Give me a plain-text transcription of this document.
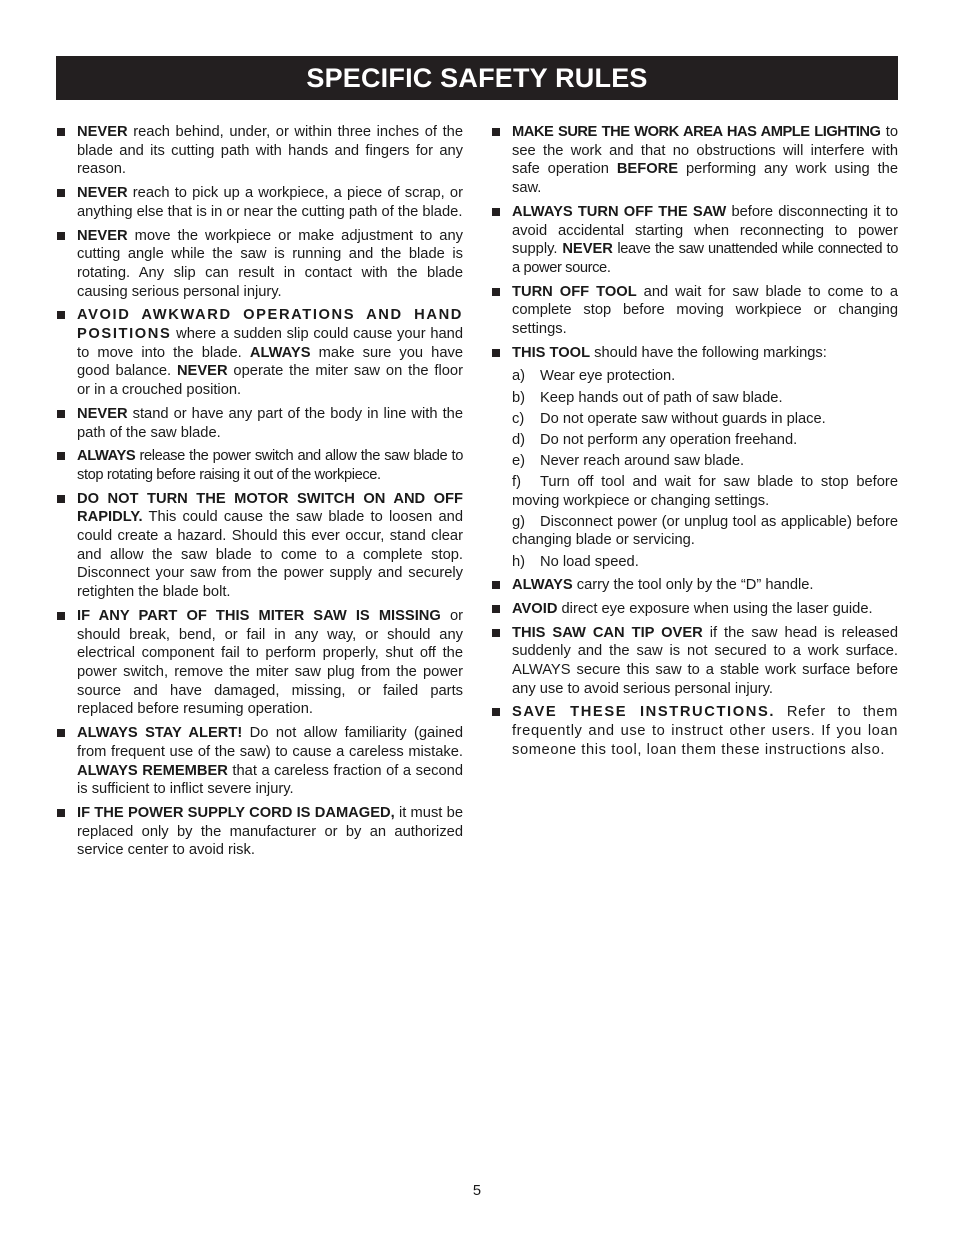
SPECIFIC SAFETY RULES
NEVER reach behind, under, or within three inches of the blade and its cutting path with hands and fingers for any reason.
NEVER reach to pick up a workpiece, a piece of scrap, or anything else that is in or near the cutting path of the blade.
NEVER move the workpiece or make adjustment to any cutting angle while the saw is running and the blade is rotating. Any slip can result in contact with the blade causing serious personal injury.
AVOID AWKWARD OPERATIONS AND HAND POSITIONS where a sudden slip could cause your hand to move into the blade. ALWAYS make sure you have good balance. NEVER operate the miter saw on the floor or in a crouched position.
NEVER stand or have any part of the body in line with the path of the saw blade.
ALWAYS release the power switch and allow the saw blade to stop rotating before raising it out of the workpiece.
DO NOT TURN THE MOTOR SWITCH ON AND OFF RAPIDLY. This could cause the saw blade to loosen and could create a hazard. Should this ever occur, stand clear and allow the saw blade to come to a complete stop. Disconnect your saw from the power supply and securely retighten the blade bolt.
IF ANY PART OF THIS MITER SAW IS MISSING or should break, bend, or fail in any way, or should any electrical component fail to perform properly, shut off the power switch, remove the miter saw plug from the power source and have damaged, missing, or failed parts replaced before resuming operation.
ALWAYS STAY ALERT! Do not allow familiarity (gained from frequent use of the saw) to cause a careless mistake. ALWAYS REMEMBER that a careless fraction of a second is sufficient to inflict severe injury.
IF THE POWER SUPPLY CORD IS DAMAGED, it must be replaced only by the manufacturer or by an authorized service center to avoid risk.
MAKE SURE THE WORK AREA HAS AMPLE LIGHTING to see the work and that no obstructions will interfere with safe operation BEFORE performing any work using the saw.
ALWAYS TURN OFF THE SAW before disconnecting it to avoid accidental starting when reconnecting to power supply. NEVER leave the saw unattended while connected to a power source.
TURN OFF TOOL and wait for saw blade to come to a complete stop before moving workpiece or changing settings.
THIS TOOL should have the following markings:
a) Wear eye protection.
b) Keep hands out of path of saw blade.
c) Do not operate saw without guards in place.
d) Do not perform any operation freehand.
e) Never reach around saw blade.
f) Turn off tool and wait for saw blade to stop before moving workpiece or changing settings.
g) Disconnect power (or unplug tool as applicable) before changing blade or servicing.
h) No load speed.
ALWAYS carry the tool only by the “D” handle.
AVOID direct eye exposure when using the laser guide.
THIS SAW CAN TIP OVER if the saw head is released suddenly and the saw is not secured to a work surface. ALWAYS secure this saw to a stable work surface before any use to avoid serious personal injury.
SAVE THESE INSTRUCTIONS. Refer to them frequently and use to instruct other users. If you loan someone this tool, loan them these instructions also.
5
